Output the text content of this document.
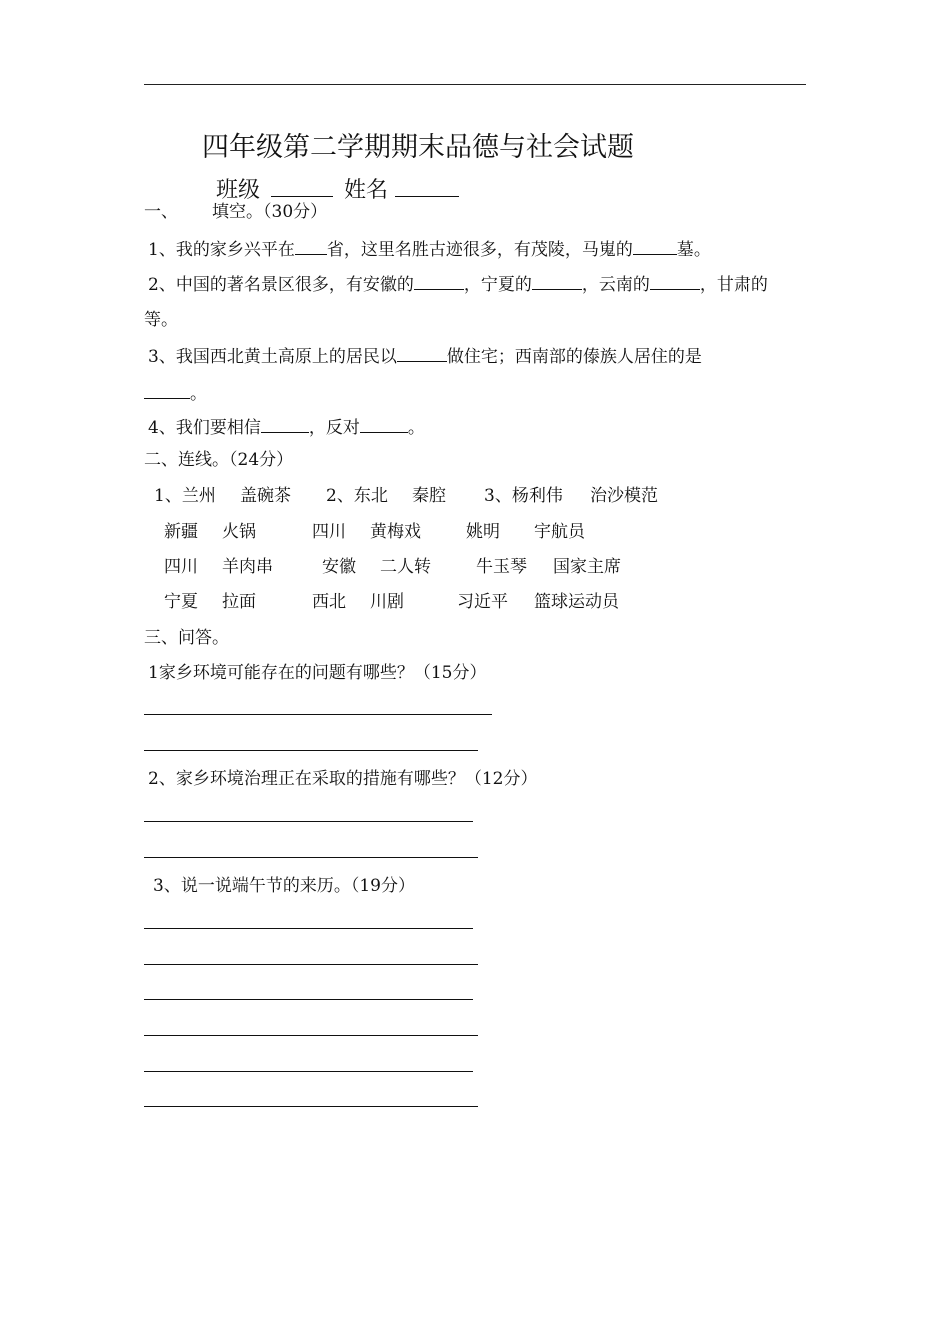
四年级第二学期期末品德与社会试题
班级	姓名
一、 填空。（30分）
1、我的家乡兴平在 省，这里名胜古迹很多，有茂陵，马嵬的	墓。
2、中国的著名景区很多，有安徽的	，宁夏的	，云南的	，甘肃的
等。
3、我国西北黄土高原上的居民以	做住宅；西南部的傣族人居住的是
。
4、我们要相信	，反对	。
二、连线。（24分）
1、兰州 盖碗茶 2、东北 秦腔 3、杨利伟 治沙模范
新疆 火锅	四川 黄梅戏	姚明 宇航员
四川 羊肉串	安徽 二人转	牛玉琴 国家主席
宁夏 拉面	西北 川剧	习近平 篮球运动员
三、问答。
1家乡环境可能存在的问题有哪些？（15分）
2、家乡环境治理正在采取的措施有哪些？（12分）
3、说一说端午节的来历。（19分）
